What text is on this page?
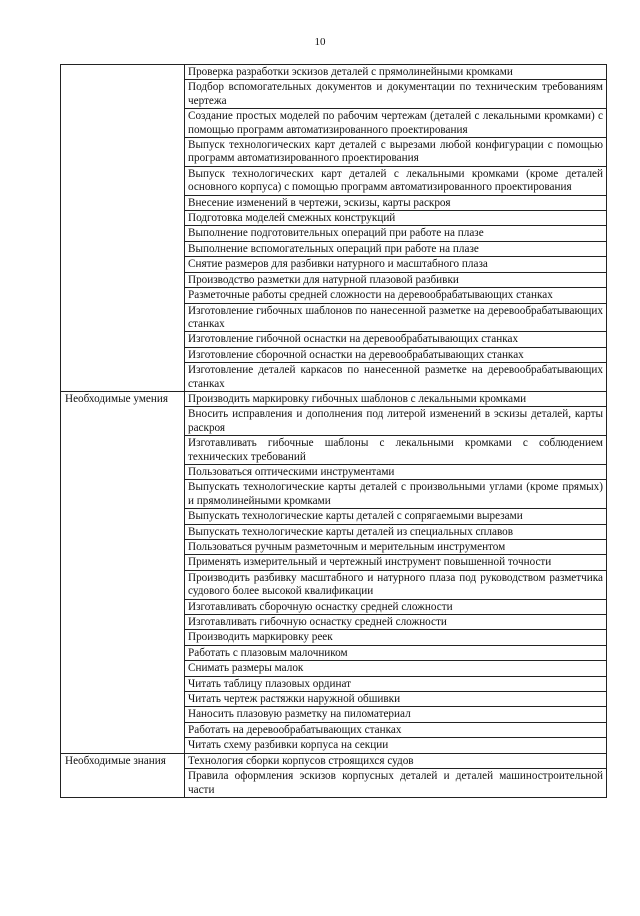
10
	Проверка разработки эскизов деталей с прямолинейными кромками
	Подбор вспомогательных документов и документации по техническим требованиям чертежа
	Создание простых моделей по рабочим чертежам (деталей с лекальными кромками) с помощью программ автоматизированного проектирования
	Выпуск технологических карт деталей с вырезами любой конфигурации с помощью программ автоматизированного проектирования
	Выпуск технологических карт деталей с лекальными кромками (кроме деталей основного корпуса) с помощью программ автоматизированного проектирования
	Внесение изменений в чертежи, эскизы, карты раскроя
	Подготовка моделей смежных конструкций
	Выполнение подготовительных операций при работе на плазе
	Выполнение вспомогательных операций при работе на плазе
	Снятие размеров для разбивки натурного и масштабного плаза
	Производство разметки для натурной плазовой разбивки
	Разметочные работы средней сложности на деревообрабатывающих станках
	Изготовление гибочных шаблонов по нанесенной разметке на деревообрабатывающих станках
	Изготовление гибочной оснастки на деревообрабатывающих станках
	Изготовление сборочной оснастки на деревообрабатывающих станках
	Изготовление деталей каркасов по нанесенной разметке на деревообрабатывающих станках
Необходимые умения	Производить маркировку гибочных шаблонов с лекальными кромками
	Вносить исправления и дополнения под литерой изменений в эскизы деталей, карты раскроя
	Изготавливать гибочные шаблоны с лекальными кромками с соблюдением технических требований
	Пользоваться оптическими инструментами
	Выпускать технологические карты деталей с произвольными углами (кроме прямых) и прямолинейными кромками
	Выпускать технологические карты деталей с сопрягаемыми вырезами
	Выпускать технологические карты деталей из специальных сплавов
	Пользоваться ручным разметочным и мерительным инструментом
	Применять измерительный и чертежный инструмент повышенной точности
	Производить разбивку масштабного и натурного плаза под руководством разметчика судового более высокой квалификации
	Изготавливать сборочную оснастку средней сложности
	Изготавливать гибочную оснастку средней сложности
	Производить маркировку реек
	Работать с плазовым малочником
	Снимать размеры малок
	Читать таблицу плазовых ординат
	Читать чертеж растяжки наружной обшивки
	Наносить плазовую разметку на пиломатериал
	Работать на деревообрабатывающих станках
	Читать схему разбивки корпуса на секции
Необходимые знания	Технология сборки корпусов строящихся судов
	Правила оформления эскизов корпусных деталей и деталей машиностроительной части
